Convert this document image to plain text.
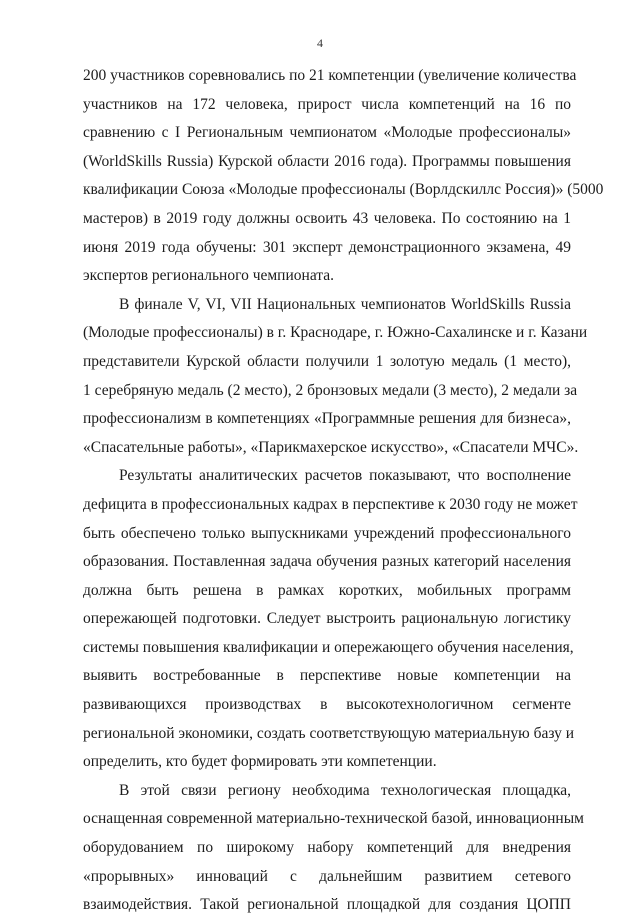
4
200 участников соревновались по 21 компетенции (увеличение количества
участников на 172 человека, прирост числа компетенций на 16 по
сравнению с I Региональным чемпионатом «Молодые профессионалы»
(WorldSkills Russia) Курской области 2016 года). Программы повышения
квалификации Союза «Молодые профессионалы (Ворлдскиллс Россия)» (5000
мастеров) в 2019 году должны освоить 43 человека. По состоянию на 1
июня 2019 года обучены: 301 эксперт демонстрационного экзамена, 49
экспертов регионального чемпионата.
В финале V, VI, VII Национальных чемпионатов WorldSkills Russia
(Молодые профессионалы) в г. Краснодаре, г. Южно-Сахалинске и г. Казани
представители Курской области получили 1 золотую медаль (1 место),
1 серебряную медаль (2 место), 2 бронзовых медали (3 место), 2 медали за
профессионализм в компетенциях «Программные решения для бизнеса»,
«Спасательные работы», «Парикмахерское искусство», «Спасатели МЧС».
Результаты аналитических расчетов показывают, что восполнение
дефицита в профессиональных кадрах в перспективе к 2030 году не может
быть обеспечено только выпускниками учреждений профессионального
образования. Поставленная задача обучения разных категорий населения
должна быть решена в рамках коротких, мобильных программ
опережающей подготовки. Следует выстроить рациональную логистику
системы повышения квалификации и опережающего обучения населения,
выявить востребованные в перспективе новые компетенции на
развивающихся производствах в высокотехнологичном сегменте
региональной экономики, создать соответствующую материальную базу и
определить, кто будет формировать эти компетенции.
В этой связи региону необходима технологическая площадка,
оснащенная современной материально-технической базой, инновационным
оборудованием по широкому набору компетенций для внедрения
«прорывных» инноваций с дальнейшим развитием сетевого
взаимодействия. Такой региональной площадкой для создания ЦОПП
